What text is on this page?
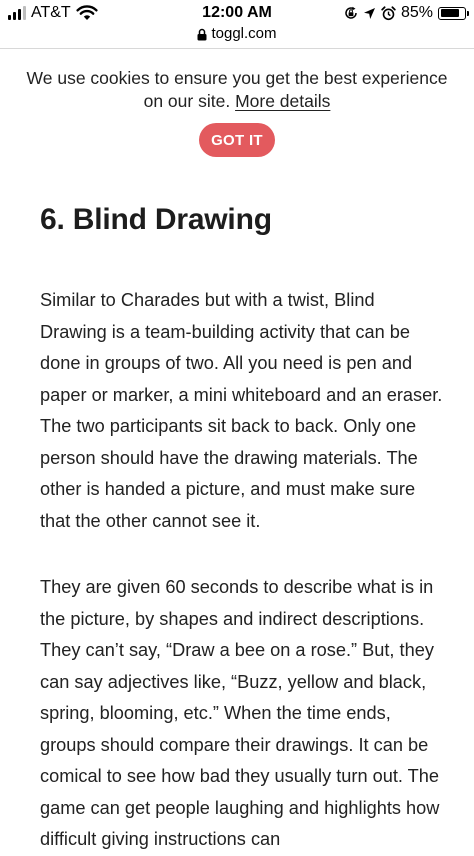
AT&T	12:00 AM
toggl.com
85%
We use cookies to ensure you get the best experience on our site. More details
GOT IT
6. Blind Drawing

Similar to Charades but with a twist, Blind Drawing is a team-building activity that can be done in groups of two. All you need is pen and paper or marker, a mini whiteboard and an eraser. The two participants sit back to back. Only one person should have the drawing materials. The other is handed a picture, and must make sure that the other cannot see it.

They are given 60 seconds to describe what is in the picture, by shapes and indirect descriptions. They can’t say, “Draw a bee on a rose.” But, they can say adjectives like, “Buzz, yellow and black, spring, blooming, etc.” When the time ends, groups should compare their drawings. It can be comical to see how bad they usually turn out. The game can get people laughing and highlights how difficult giving instructions can
